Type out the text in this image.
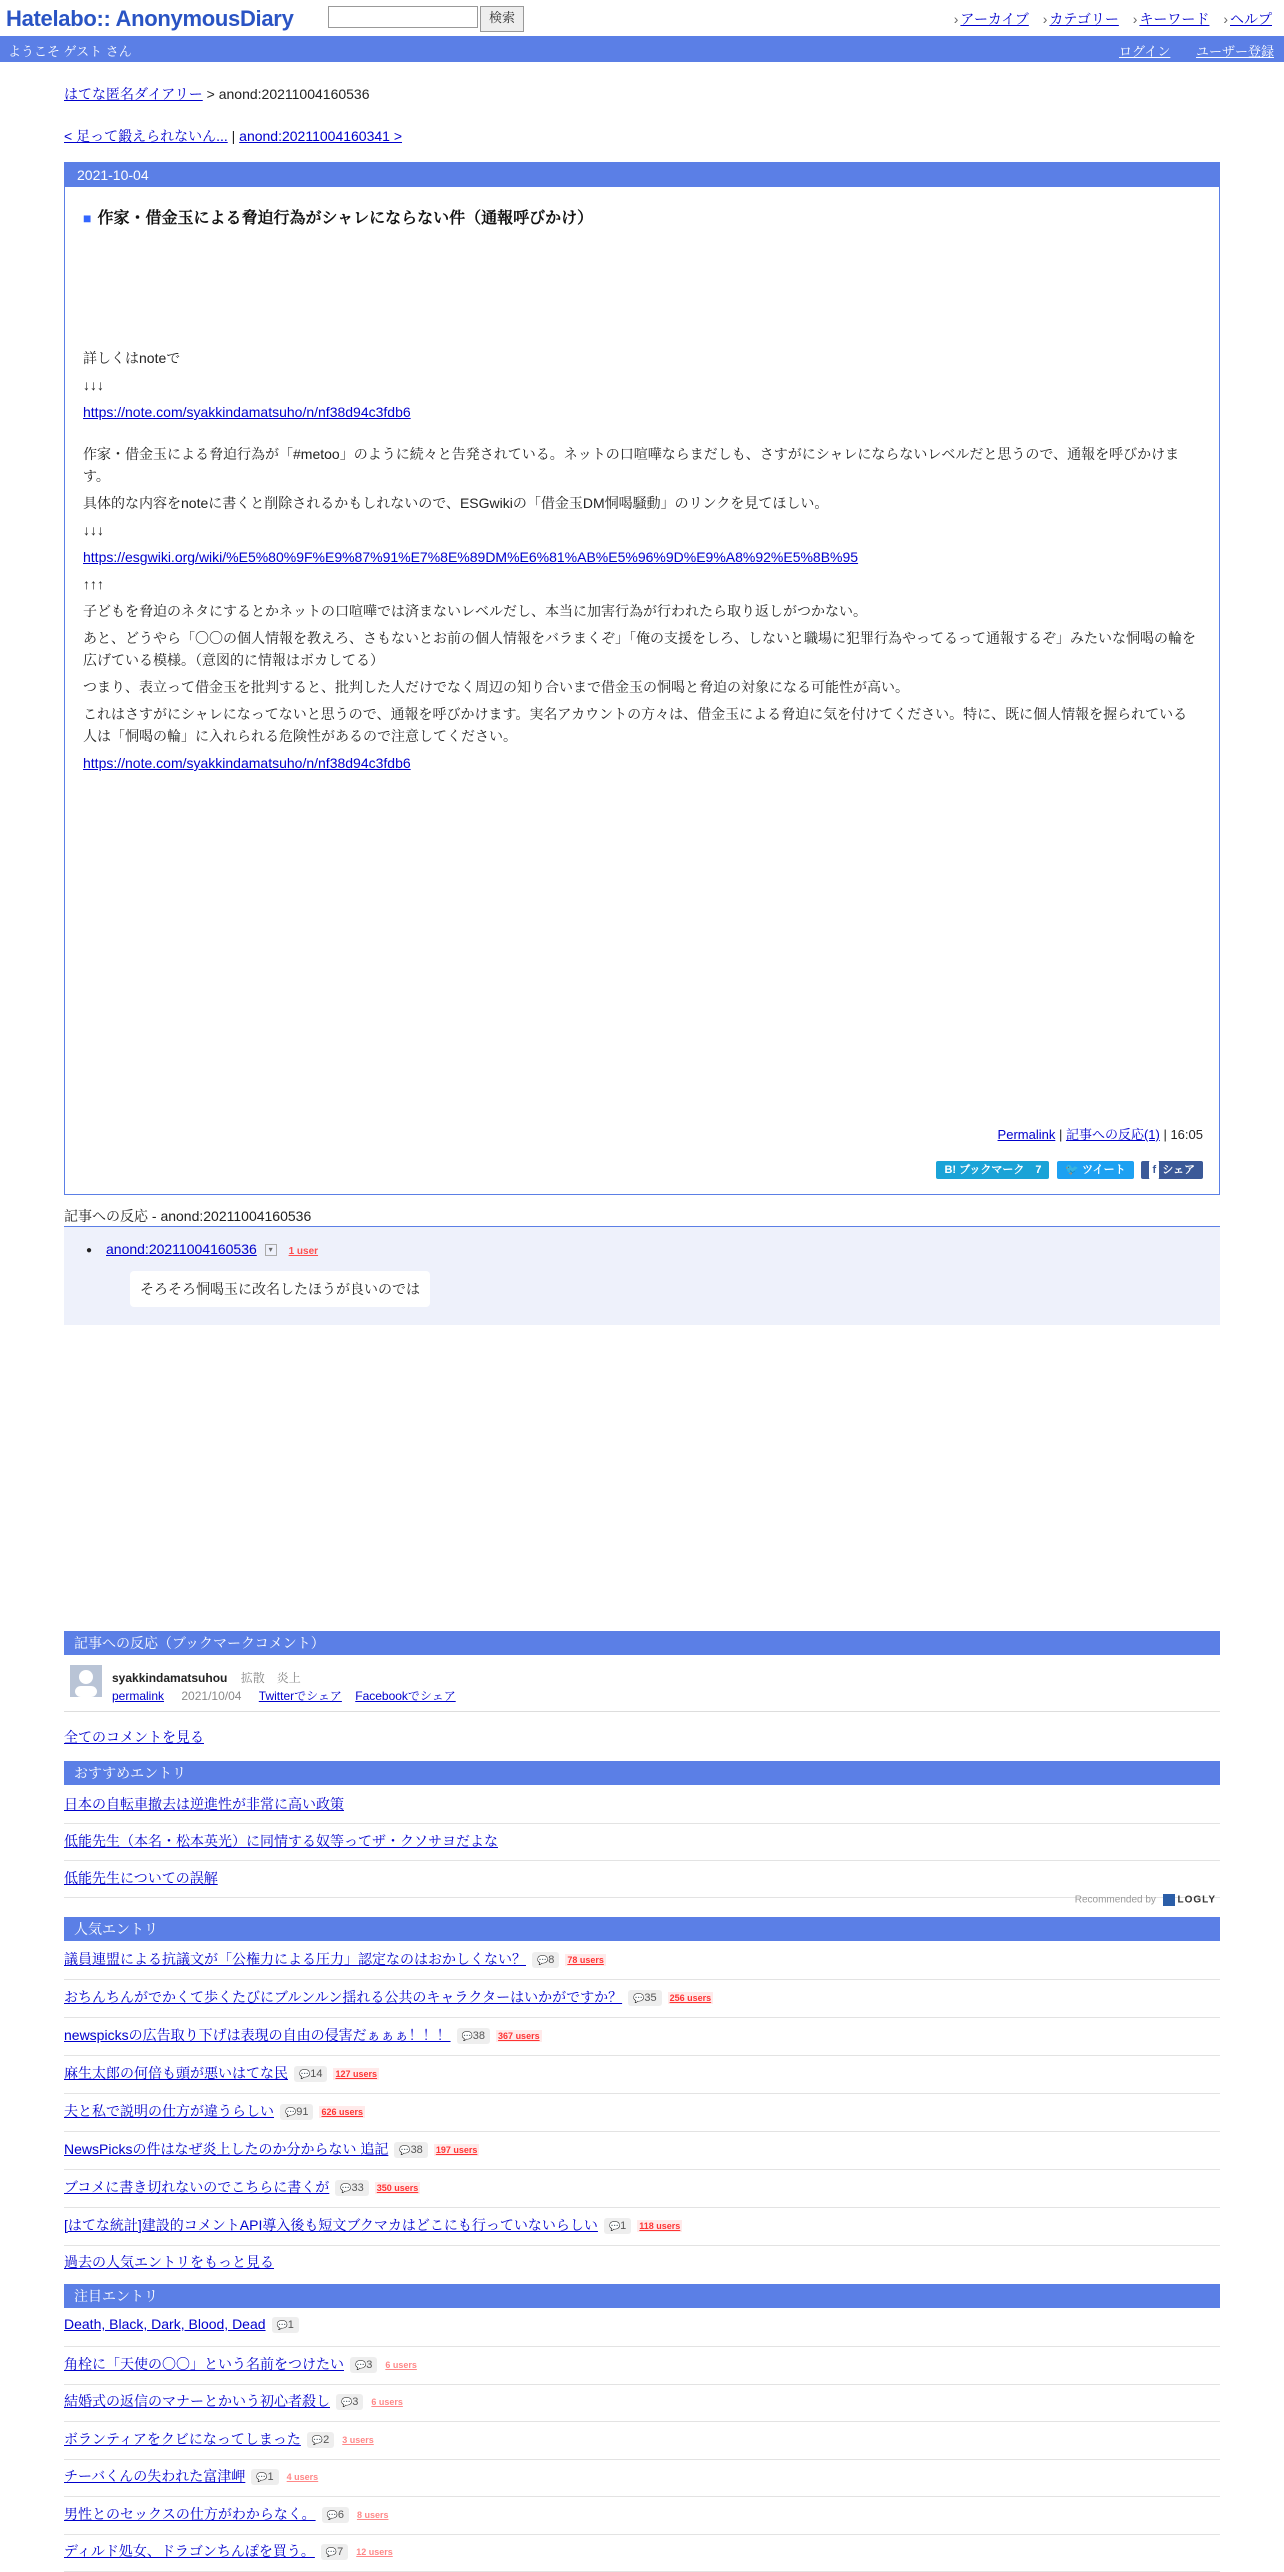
Hatelabo:: AnonymousDiary	検索	› アーカイブ › カテゴリー › キーワード › ヘルプ
ようこそ ゲスト さん	ログイン ユーザー登録
はてな匿名ダイアリー > anond:20211004160536
< 足って鍛えられないん... | anond:20211004160341 >
2021-10-04
■ 作家・借金玉による脅迫行為がシャレにならない件（通報呼びかけ）

詳しくはnoteで

↓↓↓

https://note.com/syakkindamatsuho/n/nf38d94c3fdb6

作家・借金玉による脅迫行為が「#metoo」のように続々と告発されている。ネットの口喧嘩ならまだしも、さすがにシャレにならないレベルだと思うので、通報を呼びかけます。

具体的な内容をnoteに書くと削除されるかもしれないので、ESGwikiの「借金玉DM恫喝騒動」のリンクを見てほしい。

↓↓↓

https://esgwiki.org/wiki/%E5%80%9F%E9%87%91%E7%8E%89DM%E6%81%AB%E5%96%9D%E9%A8%92%E5%8B%95

↑↑↑

子どもを脅迫のネタにするとかネットの口喧嘩では済まないレベルだし、本当に加害行為が行われたら取り返しがつかない。

あと、どうやら「〇〇の個人情報を教えろ、さもないとお前の個人情報をバラまくぞ」「俺の支援をしろ、しないと職場に犯罪行為やってるって通報するぞ」みたいな恫喝の輪を広げている模様。（意図的に情報はボカしてる）

つまり、表立って借金玉を批判すると、批判した人だけでなく周辺の知り合いまで借金玉の恫喝と脅迫の対象になる可能性が高い。

これはさすがにシャレになってないと思うので、通報を呼びかけます。実名アカウントの方々は、借金玉による脅迫に気を付けてください。特に、既に個人情報を握られている人は「恫喝の輪」に入れられる危険性があるので注意してください。

https://note.com/syakkindamatsuho/n/nf38d94c3fdb6

Permalink | 記事への反応(1) | 16:05
B! ブックマーク　7 🐦 ツイート f シェア
記事への反応 - anond:20211004160536
● anond:20211004160536 ▾ 1 user
そろそろ恫喝玉に改名したほうが良いのでは
記事への反応（ブックマークコメント）
syakkindamatsuhou 拡散　炎上
permalink 2021/10/04 Twitterでシェア Facebookでシェア
全てのコメントを見る
おすすめエントリ
日本の自転車撤去は逆進性が非常に高い政策
低能先生（本名・松本英光）に同情する奴等ってザ・クソサヨだよな
低能先生についての誤解
Recommended by LOGLY
人気エントリ
議員連盟による抗議文が「公権力による圧力」認定なのはおかしくない？ 💬8 78 users
おちんちんがでかくて歩くたびにブルンルン揺れる公共のキャラクターはいかがですか？ 💬35 256 users
newspicksの広告取り下げは表現の自由の侵害だぁぁぁ！！！ 💬38 367 users
麻生太郎の何倍も頭が悪いはてな民 💬14 127 users
夫と私で説明の仕方が違うらしい 💬91 626 users
NewsPicksの件はなぜ炎上したのか分からない 追記 💬38 197 users
ブコメに書き切れないのでこちらに書くが 💬33 350 users
[はてな統計]建設的コメントAPI導入後も短文ブクマカはどこにも行っていないらしい 💬1 118 users
過去の人気エントリをもっと見る
注目エントリ
Death, Black, Dark, Blood, Dead 💬1
角栓に「天使の〇〇」という名前をつけたい 💬3 6 users
結婚式の返信のマナーとかいう初心者殺し 💬3 6 users
ボランティアをクビになってしまった 💬2 3 users
チーバくんの失われた富津岬 💬1 4 users
男性とのセックスの仕方がわからなく。 💬6 8 users
ディルド処女、ドラゴンちんぽを買う。 💬7 12 users
